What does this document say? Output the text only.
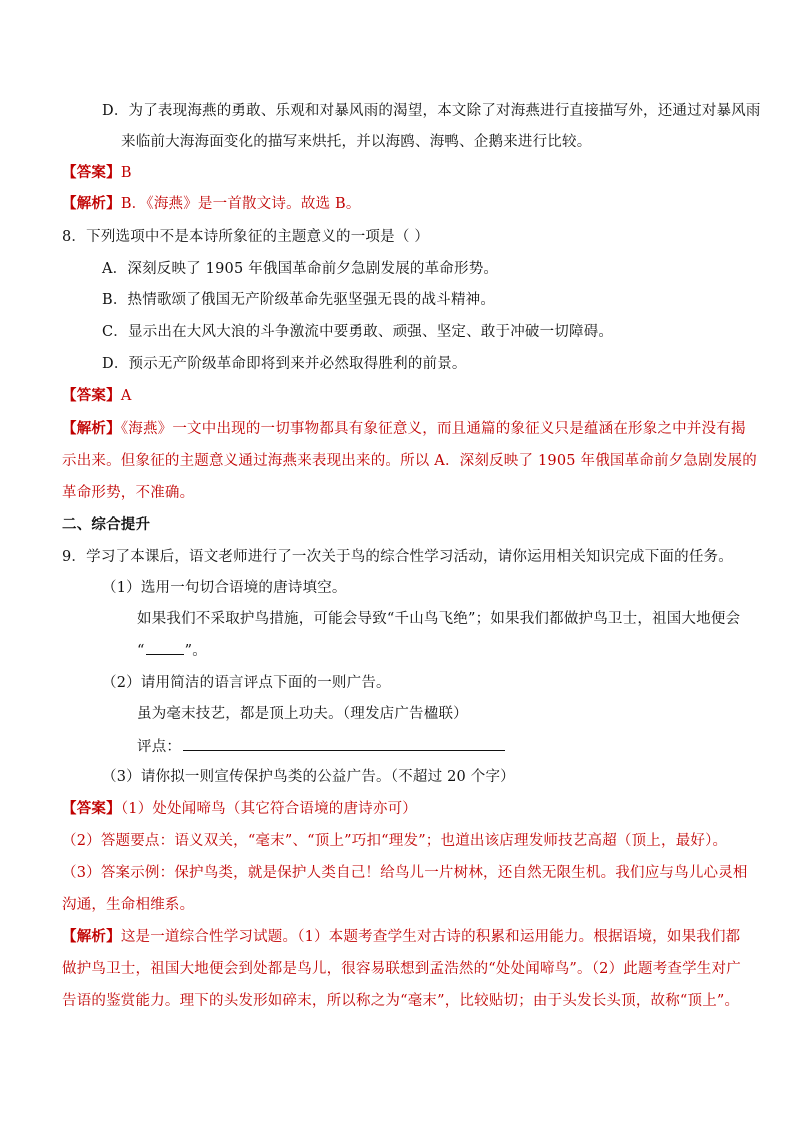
D．为了表现海燕的勇敢、乐观和对暴风雨的渴望，本文除了对海燕进行直接描写外，还通过对暴风雨
来临前大海海面变化的描写来烘托，并以海鸥、海鸭、企鹅来进行比较。
【答案】B
【解析】B．《海燕》是一首散文诗。故选 B。
8．下列选项中不是本诗所象征的主题意义的一项是（ ）
A．深刻反映了 1905 年俄国革命前夕急剧发展的革命形势。
B．热情歌颂了俄国无产阶级革命先驱坚强无畏的战斗精神。
C．显示出在大风大浪的斗争激流中要勇敢、顽强、坚定、敢于冲破一切障碍。
D．预示无产阶级革命即将到来并必然取得胜利的前景。
【答案】A
【解析】《海燕》一文中出现的一切事物都具有象征意义，而且通篇的象征义只是蕴涵在形象之中并没有揭
示出来。但象征的主题意义通过海燕来表现出来的。所以 A．深刻反映了 1905 年俄国革命前夕急剧发展的
革命形势，不准确。
二、综合提升
9．学习了本课后，语文老师进行了一次关于鸟的综合性学习活动，请你运用相关知识完成下面的任务。
（1）选用一句切合语境的唐诗填空。
如果我们不采取护鸟措施，可能会导致“千山鸟飞绝”；如果我们都做护鸟卫士，祖国大地便会
“	”。
（2）请用简洁的语言评点下面的一则广告。
虽为毫末技艺，都是顶上功夫。（理发店广告楹联）
评点：
（3）请你拟一则宣传保护鸟类的公益广告。（不超过 20 个字）
【答案】（1）处处闻啼鸟（其它符合语境的唐诗亦可）
（2）答题要点：语义双关，“毫末”、“顶上”巧扣“理发”；也道出该店理发师技艺高超（顶上，最好）。
（3）答案示例：保护鸟类，就是保护人类自己！给鸟儿一片树林，还自然无限生机。我们应与鸟儿心灵相
沟通，生命相维系。
【解析】这是一道综合性学习试题。（1）本题考查学生对古诗的积累和运用能力。根据语境，如果我们都
做护鸟卫士，祖国大地便会到处都是鸟儿，很容易联想到孟浩然的“处处闻啼鸟”。（2）此题考查学生对广
告语的鉴赏能力。理下的头发形如碎末，所以称之为“毫末”，比较贴切；由于头发长头顶，故称“顶上”。
